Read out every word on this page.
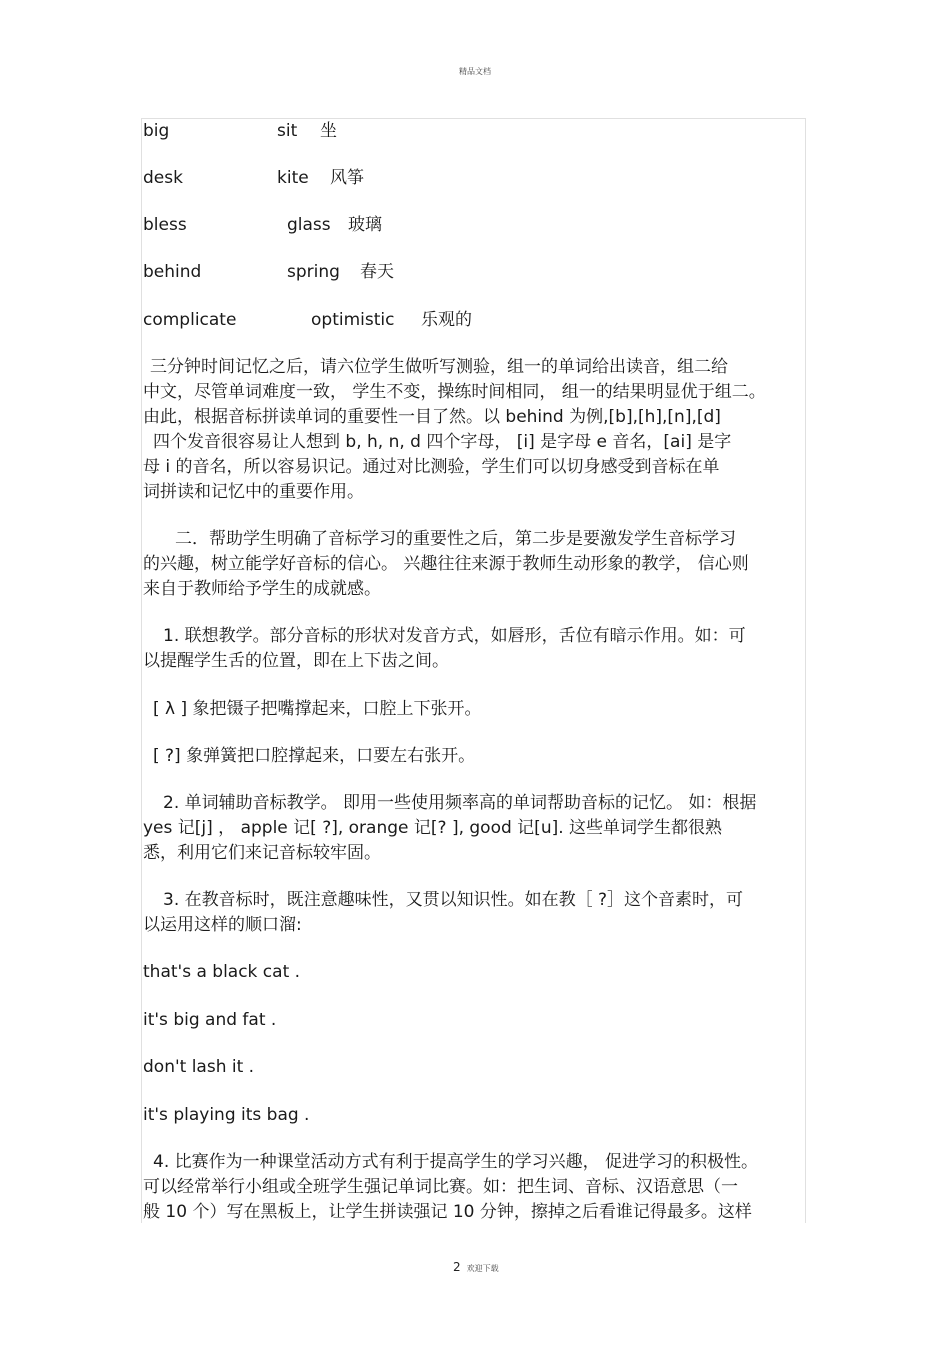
精品文档
big	sit 坐
desk	kite 风筝
bless	glass 玻璃
behind	spring 春天
complicate	optimistic 乐观的
三分钟时间记忆之后，请六位学生做听写测验，组一的单词给出读音，组二给
中文，尽管单词难度一致， 学生不变，操练时间相同， 组一的结果明显优于组二。
由此，根据音标拼读单词的重要性一目了然。以 behind 为例,[b],[h],[n],[d]
四个发音很容易让人想到 b, h, n, d 四个字母， [i] 是字母 e 音名，[ai] 是字
母 i 的音名，所以容易识记。通过对比测验，学生们可以切身感受到音标在单
词拼读和记忆中的重要作用。
二．帮助学生明确了音标学习的重要性之后，第二步是要激发学生音标学习
的兴趣，树立能学好音标的信心。 兴趣往往来源于教师生动形象的教学， 信心则
来自于教师给予学生的成就感。
1. 联想教学。部分音标的形状对发音方式，如唇形，舌位有暗示作用。如：可
以提醒学生舌的位置，即在上下齿之间。
[ λ ] 象把镊子把嘴撑起来，口腔上下张开。
[ ?] 象弹簧把口腔撑起来，口要左右张开。
2. 单词辅助音标教学。 即用一些使用频率高的单词帮助音标的记忆。 如：根据
yes 记[j] ， apple 记[ ?], orange 记[? ], good 记[u]. 这些单词学生都很熟
悉，利用它们来记音标较牢固。
3. 在教音标时，既注意趣味性，又贯以知识性。如在教［ ?］这个音素时，可
以运用这样的顺口溜:
that's a black cat .
it's big and fat .
don't lash it .
it's playing its bag .
4. 比赛作为一种课堂活动方式有利于提高学生的学习兴趣， 促进学习的积极性。
可以经常举行小组或全班学生强记单词比赛。如：把生词、音标、汉语意思（一
般 10 个）写在黑板上，让学生拼读强记 10 分钟，擦掉之后看谁记得最多。这样
2 欢迎下载
